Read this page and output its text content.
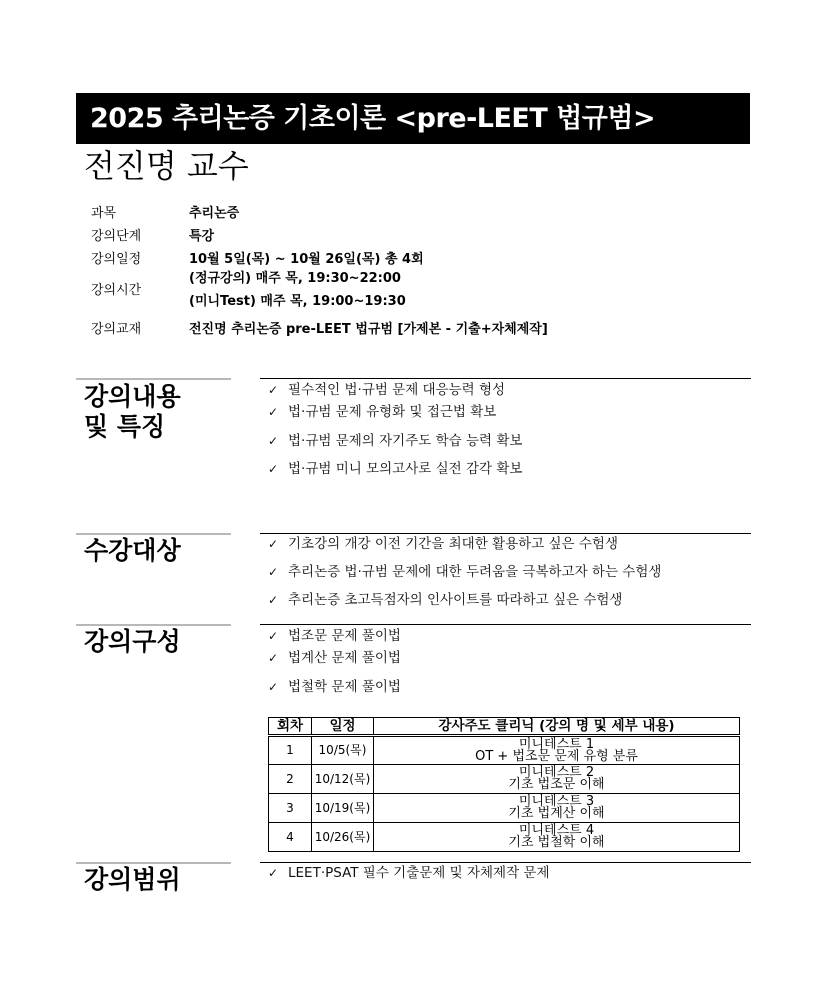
2025 추리논증 기초이론 <pre-LEET 법규범>
전진명 교수
과목	추리논증
강의단계	특강
강의일정	10월 5일(목) ~ 10월 26일(목) 총 4회
강의시간
(정규강의) 매주 목, 19:30~22:00
(미니Test) 매주 목, 19:00~19:30
강의교재	전진명 추리논증 pre-LEET 법규범 [가제본 - 기출+자체제작]
강의내용
및 특징
✓ 필수적인 법·규범 문제 대응능력 형성
✓ 법·규범 문제 유형화 및 접근법 확보
✓ 법·규범 문제의 자기주도 학습 능력 확보
✓ 법·규범 미니 모의고사로 실전 감각 확보
수강대상	✓ 기초강의 개강 이전 기간을 최대한 활용하고 싶은 수험생
✓ 추리논증 법·규범 문제에 대한 두려움을 극복하고자 하는 수험생
✓ 추리논증 초고득점자의 인사이트를 따라하고 싶은 수험생
강의구성	✓ 법조문 문제 풀이법
✓ 법계산 문제 풀이법
✓ 법철학 문제 풀이법
회차	일정	강사주도 클리닉 (강의 명 및 세부 내용)
1	10/5(목)	미니테스트 1
OT + 법조문 문제 유형 분류

2	10/12(목)	미니테스트 2
기초 법조문 이해

3	10/19(목)	미니테스트 3
기초 법계산 이해

4	10/26(목)	미니테스트 4
기초 법철학 이해
강의범위	✓ LEET·PSAT 필수 기출문제 및 자체제작 문제
